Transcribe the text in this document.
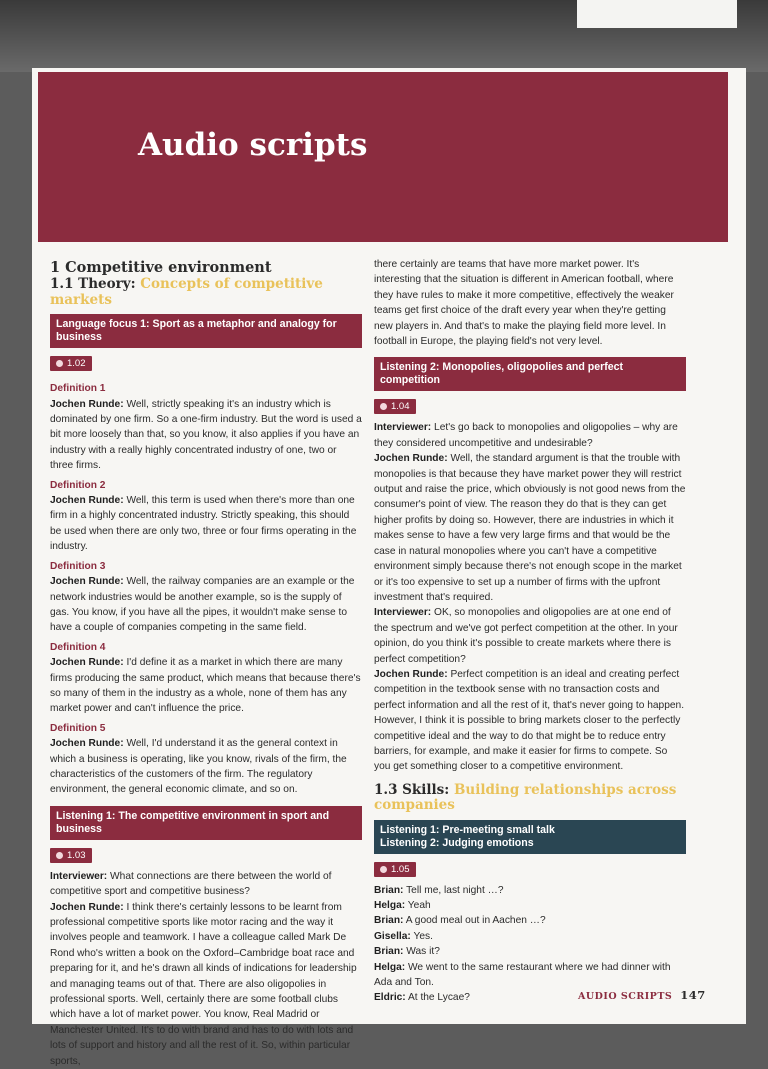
Audio scripts
1 Competitive environment
1.1 Theory: Concepts of competitive markets
Language focus 1: Sport as a metaphor and analogy for business
1.02
Definition 1

Jochen Runde: Well, strictly speaking it's an industry which is dominated by one firm. So a one-firm industry. But the word is used a bit more loosely than that, so you know, it also applies if you have an industry with a really highly concentrated industry of one, two or three firms.

Definition 2

Jochen Runde: Well, this term is used when there's more than one firm in a highly concentrated industry. Strictly speaking, this should be used when there are only two, three or four firms operating in the industry.

Definition 3

Jochen Runde: Well, the railway companies are an example or the network industries would be another example, so is the supply of gas. You know, if you have all the pipes, it wouldn't make sense to have a couple of companies competing in the same field.

Definition 4

Jochen Runde: I'd define it as a market in which there are many firms producing the same product, which means that because there's so many of them in the industry as a whole, none of them has any market power and can't influence the price.

Definition 5

Jochen Runde: Well, I'd understand it as the general context in which a business is operating, like you know, rivals of the firm, the characteristics of the customers of the firm. The regulatory environment, the general economic climate, and so on.

Listening 1: The competitive environment in sport and business
1.03

Interviewer: What connections are there between the world of competitive sport and competitive business?

Jochen Runde: I think there's certainly lessons to be learnt from professional competitive sports like motor racing and the way it involves people and teamwork. I have a colleague called Mark De Rond who's written a book on the Oxford–Cambridge boat race and preparing for it, and he's drawn all kinds of indications for leadership and managing teams out of that. There are also oligopolies in professional sports. Well, certainly there are some football clubs which have a lot of market power. You know, Real Madrid or Manchester United. It's to do with brand and has to do with lots and lots of support and history and all the rest of it. So, within particular sports,

there certainly are teams that have more market power. It's interesting that the situation is different in American football, where they have rules to make it more competitive, effectively the weaker teams get first choice of the draft every year when they're getting new players in. And that's to make the playing field more level. In football in Europe, the playing field's not very level.

Listening 2: Monopolies, oligopolies and perfect competition
1.04

Interviewer: Let's go back to monopolies and oligopolies – why are they considered uncompetitive and undesirable?

Jochen Runde: Well, the standard argument is that the trouble with monopolies is that because they have market power they will restrict output and raise the price, which obviously is not good news from the consumer's point of view. The reason they do that is they can get higher profits by doing so. However, there are industries in which it makes sense to have a few very large firms and that would be the case in natural monopolies where you can't have a competitive environment simply because there's not enough scope in the market or it's too expensive to set up a number of firms with the upfront investment that's required.

Interviewer: OK, so monopolies and oligopolies are at one end of the spectrum and we've got perfect competition at the other. In your opinion, do you think it's possible to create markets where there is perfect competition?

Jochen Runde: Perfect competition is an ideal and creating perfect competition in the textbook sense with no transaction costs and perfect information and all the rest of it, that's never going to happen. However, I think it is possible to bring markets closer to the perfectly competitive ideal and the way to do that might be to reduce entry barriers, for example, and make it easier for firms to compete. So you get something closer to a competitive environment.

1.3 Skills: Building relationships across companies

Listening 1: Pre-meeting small talk

Listening 2: Judging emotions

1.05

Brian: Tell me, last night …?

Helga: Yeah

Brian: A good meal out in Aachen …?

Gisella: Yes.

Brian: Was it?

Helga: We went to the same restaurant where we had dinner with Ada and Ton.

Eldric: At the Lycae?	AUDIO SCRIPTS 147
